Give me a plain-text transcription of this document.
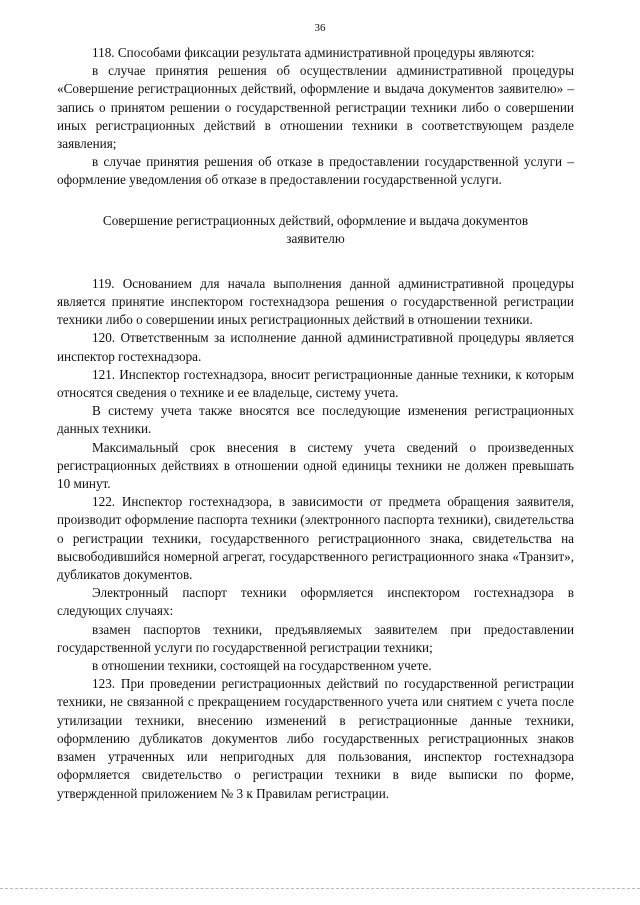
36

118. Способами фиксации результата административной процедуры являются:

в случае принятия решения об осуществлении административной процедуры «Совершение регистрационных действий, оформление и выдача документов заявителю» – запись о принятом решении о государственной регистрации техники либо о совершении иных регистрационных действий в отношении техники в соответствующем разделе заявления;

в случае принятия решения об отказе в предоставлении государственной услуги – оформление уведомления об отказе в предоставлении государственной услуги.

Совершение регистрационных действий, оформление и выдача документов заявителю

119. Основанием для начала выполнения данной административной процедуры является принятие инспектором гостехнадзора решения о государственной регистрации техники либо о совершении иных регистрационных действий в отношении техники.

120. Ответственным за исполнение данной административной процедуры является инспектор гостехнадзора.

121. Инспектор гостехнадзора, вносит регистрационные данные техники, к которым относятся сведения о технике и ее владельце, систему учета.

В систему учета также вносятся все последующие изменения регистрационных данных техники.

Максимальный срок внесения в систему учета сведений о произведенных регистрационных действиях в отношении одной единицы техники не должен превышать 10 минут.

122. Инспектор гостехнадзора, в зависимости от предмета обращения заявителя, производит оформление паспорта техники (электронного паспорта техники), свидетельства о регистрации техники, государственного регистрационного знака, свидетельства на высвободившийся номерной агрегат, государственного регистрационного знака «Транзит», дубликатов документов.

Электронный паспорт техники оформляется инспектором гостехнадзора в следующих случаях:

взамен паспортов техники, предъявляемых заявителем при предоставлении государственной услуги по государственной регистрации техники;

в отношении техники, состоящей на государственном учете.

123. При проведении регистрационных действий по государственной регистрации техники, не связанной с прекращением государственного учета или снятием с учета после утилизации техники, внесению изменений в регистрационные данные техники, оформлению дубликатов документов либо государственных регистрационных знаков взамен утраченных или непригодных для пользования, инспектор гостехнадзора оформляется свидетельство о регистрации техники в виде выписки по форме, утвержденной приложением № 3 к Правилам регистрации.
